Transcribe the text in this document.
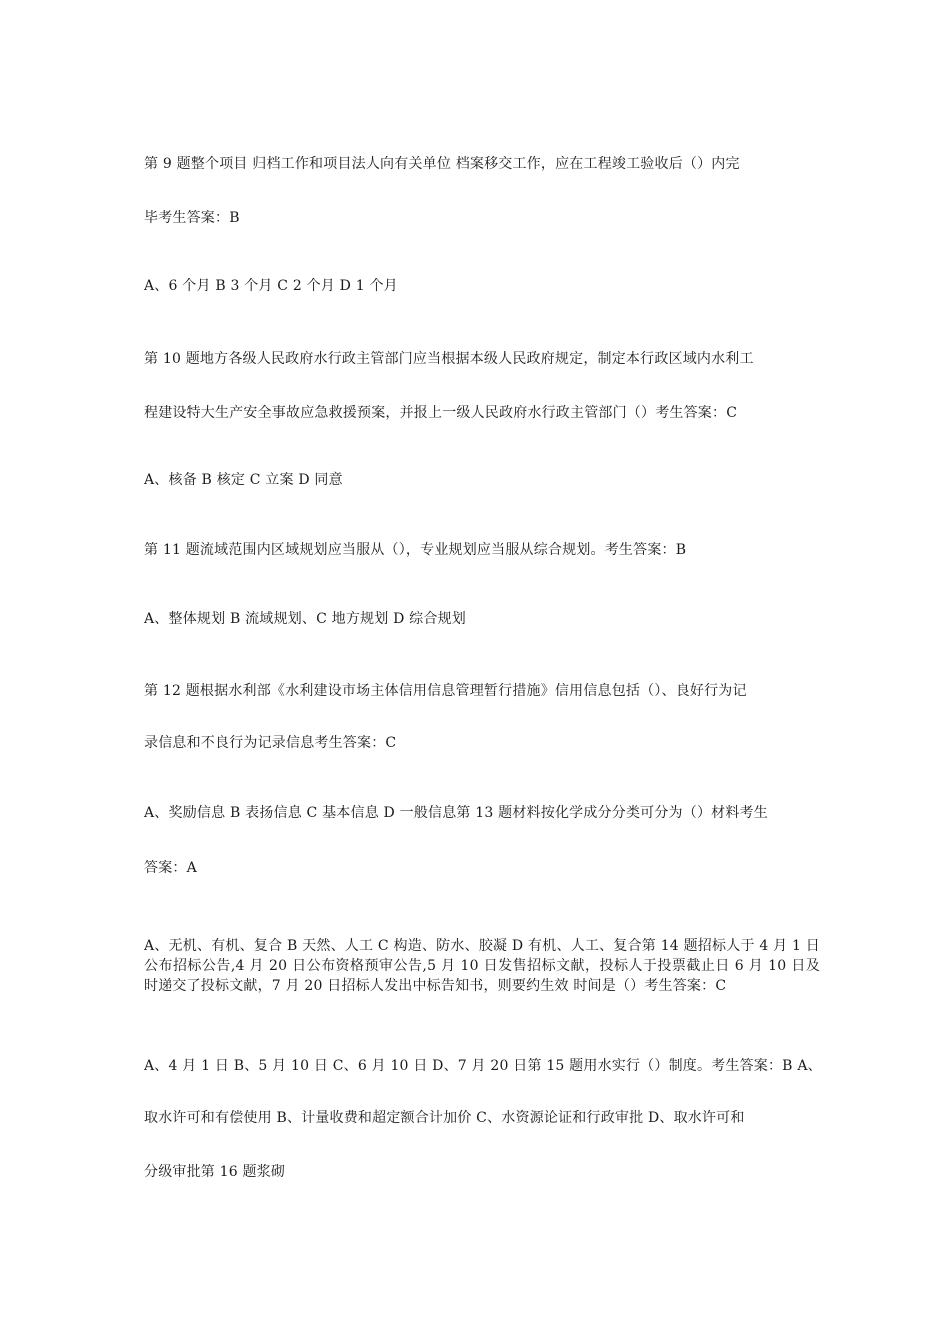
第 9 题整个项目 归档工作和项目法人向有关单位 档案移交工作，应在工程竣工验收后（）内完
毕考生答案：B
A、6 个月 B 3 个月 C 2 个月 D 1 个月
第 10 题地方各级人民政府水行政主管部门应当根据本级人民政府规定，制定本行政区域内水利工
程建设特大生产安全事故应急救援预案，并报上一级人民政府水行政主管部门（）考生答案：C
A、核备 B 核定 C 立案 D 同意
第 11 题流域范围内区域规划应当服从（），专业规划应当服从综合规划。考生答案：B
A、整体规划 B 流域规划、C 地方规划 D 综合规划
第 12 题根据水利部《水利建设市场主体信用信息管理暂行措施》信用信息包括（）、良好行为记
录信息和不良行为记录信息考生答案：C
A、奖励信息 B 表扬信息 C 基本信息 D 一般信息第 13 题材料按化学成分分类可分为（）材料考生
答案：A
A、无机、有机、复合 B 天然、人工 C 构造、防水、胶凝 D 有机、人工、复合第 14 题招标人于 4 月 1 日公布招标公告,4 月 20 日公布资格预审公告,5 月 10 日发售招标文献，投标人于投票截止日 6 月 10 日及时递交了投标文献，7 月 20 日招标人发出中标告知书，则要约生效 时间是（）考生答案：C
A、4 月 1 日 B、5 月 10 日 C、6 月 10 日 D、7 月 20 日第 15 题用水实行（）制度。考生答案：B A、
取水许可和有偿使用 B、计量收费和超定额合计加价 C、水资源论证和行政审批 D、取水许可和
分级审批第 16 题浆砌
